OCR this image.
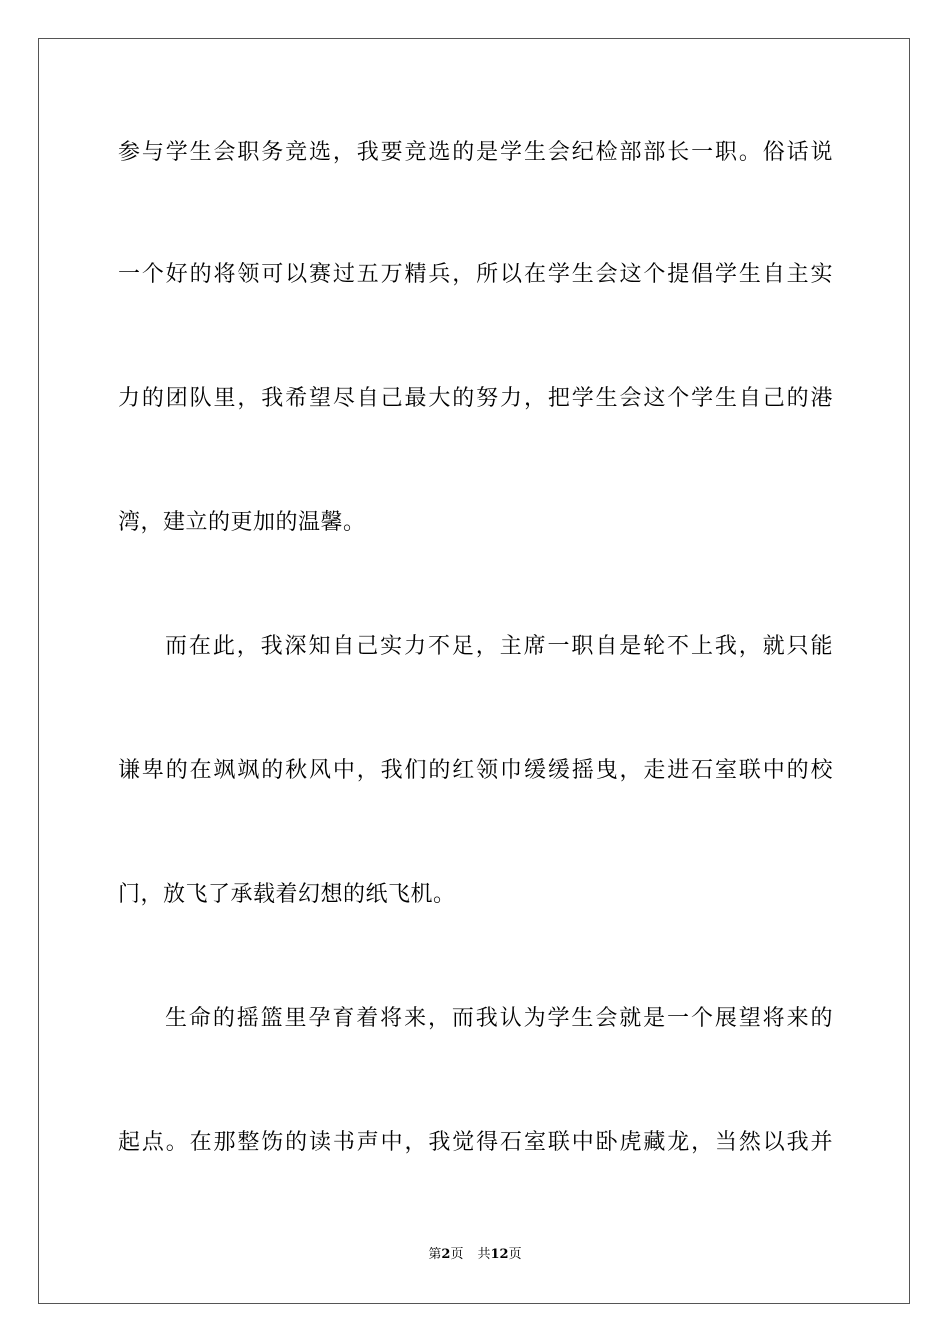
参与学生会职务竞选，我要竞选的是学生会纪检部部长一职。俗话说
一个好的将领可以赛过五万精兵，所以在学生会这个提倡学生自主实
力的团队里，我希望尽自己最大的努力，把学生会这个学生自己的港
湾，建立的更加的温馨。
而在此，我深知自己实力不足，主席一职自是轮不上我，就只能
谦卑的在飒飒的秋风中，我们的红领巾缓缓摇曳，走进石室联中的校
门，放飞了承载着幻想的纸飞机。
生命的摇篮里孕育着将来，而我认为学生会就是一个展望将来的
起点。在那整饬的读书声中，我觉得石室联中卧虎藏龙，当然以我并
第2页 共12页
